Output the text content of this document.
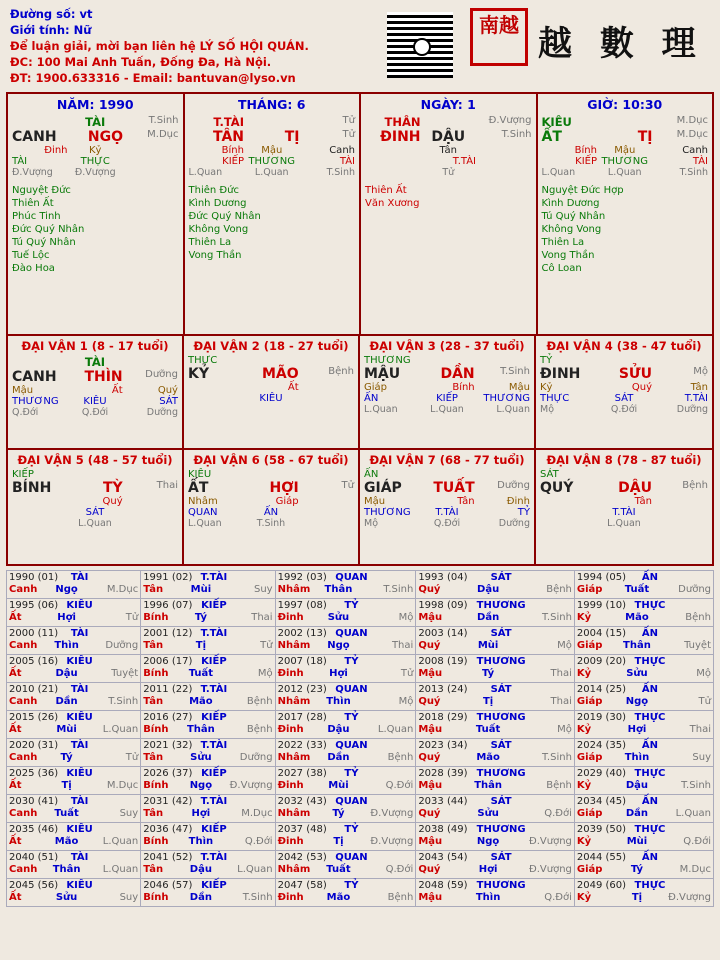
Đường số: vt
Giới tính: Nữ
Để luận giải, mời bạn liên hệ LÝ SỐ HỘI QUÁN.
ĐC: 100 Mai Anh Tuấn, Đống Đa, Hà Nội.
ĐT: 1900.633316 - Email: bantuvan@lyso.vn
南越 越 數 理
NĂM: 1990
TÀI	T.Sinh
CANH	NGỌ	M.Dục
Đinh	Kỷ
TÀI	THỰC
Đ.Vượng	Đ.Vượng
Nguyệt Đức
Thiên Ất
Phúc Tinh
Đức Quý Nhân
Tú Quý Nhân
Tuế Lộc
Đào Hoa
THÁNG: 6
T.TÀI	Tử
TÂN	TỊ	Tử
Bính	Mậu	Canh
KIẾP THƯƠNG	TÀI
L.Quan	L.Quan	T.Sinh
Thiên Đức
Kình Dương
Đức Quý Nhân
Không Vong
Thiên La
Vong Thần
NGÀY: 1
THÂN	Đ.Vượng
ĐINH DẬU	T.Sinh
Tân
T.TÀI
Tử
Thiên Ất
Văn Xương
GIỜ: 10:30
KIÊU	M.Dục
ẤT	TỊ	M.Dục
Bính	Mậu	Canh
KIẾP THƯƠNG	TÀI
L.Quan	L.Quan	T.Sinh
Nguyệt Đức Hợp
Kình Dương
Tú Quý Nhân
Không Vong
Thiên La
Vong Thần
Cô Loan
ĐẠI VẬN 1 (8 - 17 tuổi)
TÀI
CANH	THÌN	Dưỡng
Mậu	Ất	Quý
THƯƠNG	KIÊU	SÁT
Q.Đới	Q.Đới	Dưỡng
ĐẠI VẬN 2 (18 - 27 tuổi)
THỰC
KỶ	MÃO	Bệnh
Ất
KIÊU
ĐẠI VẬN 3 (28 - 37 tuổi)
THƯƠNG
MẬU	DẦN	T.Sinh
Giáp	Bính	Mậu
ẤN	KIẾP	THƯƠNG
L.Quan	L.Quan	L.Quan
ĐẠI VẬN 4 (38 - 47 tuổi)
TỶ
ĐINH	SỬU	Mộ
Kỷ	Quý	Tân
THỰC	SÁT	T.TÀI
Mộ	Q.Đới	Dưỡng
ĐẠI VẬN 5 (48 - 57 tuổi)
KIẾP
BÍNH	TỲ	Thai
Quý
SÁT
L.Quan
ĐẠI VẬN 6 (58 - 67 tuổi)
KIÊU
ẤT	HỢI	Tử
Nhâm	Giáp
QUAN	ẤN
L.Quan	T.Sinh
ĐẠI VẬN 7 (68 - 77 tuổi)
ẤN
GIÁP	TUẤT	Dưỡng
Mậu	Tân	Đinh
THƯƠNG	T.TÀI	TỶ
Mộ	Q.Đới	Dưỡng
ĐẠI VẬN 8 (78 - 87 tuổi)
SÁT
QUÝ	DẬU	Bệnh
Tân
T.TÀI
L.Quan
1990 (01)	TÀI
Canh	Ngọ	M.Dục

1991 (02) T.TÀI
Tân	Mùi	Suy

1992 (03) QUAN
Nhâm	Thân	T.Sinh

1993 (04)	SÁT
Quý	Dậu	Bệnh

1994 (05)	ẤN
Giáp	Tuất	Dưỡng

1995 (06) KIÊU
Ất	Hợi	Tử

1996 (07) KIẾP
Bính	Tý	Thai

1997 (08)	TỶ
Đinh	Sửu	Mộ

1998 (09) THƯƠNG
Mậu	Dần	T.Sinh

1999 (10) THỰC
Kỷ	Mão	Bệnh

2000 (11)	TÀI
Canh	Thìn	Dưỡng

2001 (12) T.TÀI
Tân	Tị	Tử

2002 (13) QUAN
Nhâm	Ngọ	Thai

2003 (14)	SÁT
Quý	Mùi	Mộ

2004 (15)	ẤN
Giáp	Thân	Tuyệt

2005 (16) KIÊU
Ất	Dậu	Tuyệt

2006 (17) KIẾP
Bính	Tuất	Mộ

2007 (18)	TỶ
Đinh	Hợi	Tử

2008 (19) THƯƠNG
Mậu	Tý	Thai

2009 (20) THỰC
Kỷ	Sửu	Mộ

2010 (21)	TÀI
Canh	Dần	T.Sinh

2011 (22) T.TÀI
Tân	Mão	Bệnh

2012 (23) QUAN
Nhâm	Thìn	Mộ

2013 (24)	SÁT
Quý	Tị	Thai

2014 (25)	ẤN
Giáp	Ngọ	Tử

2015 (26) KIÊU
Ất	Mùi	L.Quan

2016 (27) KIẾP
Bính	Thân	Bệnh

2017 (28)	TỶ
Đinh	Dậu	L.Quan

2018 (29) THƯƠNG
Mậu	Tuất	Mộ

2019 (30) THỰC
Kỷ	Hợi	Thai

2020 (31)	TÀI
Canh	Tý	Tử

2021 (32) T.TÀI
Tân	Sửu	Dưỡng

2022 (33) QUAN
Nhâm	Dần	Bệnh

2023 (34)	SÁT
Quý	Mão	T.Sinh

2024 (35)	ẤN
Giáp	Thìn	Suy

2025 (36) KIÊU
Ất	Tị	M.Dục

2026 (37) KIẾP
Bính	Ngọ	Đ.Vượng

2027 (38)	TỶ
Đinh	Mùi	Q.Đới

2028 (39) THƯƠNG
Mậu	Thân	Bệnh

2029 (40) THỰC
Kỷ	Dậu	T.Sinh

2030 (41)	TÀI
Canh	Tuất	Suy

2031 (42) T.TÀI
Tân	Hợi	M.Dục

2032 (43) QUAN
Nhâm	Tý	Đ.Vượng

2033 (44)	SÁT
Quý	Sửu	Q.Đới

2034 (45)	ẤN
Giáp	Dần	L.Quan

2035 (46) KIÊU
Ất	Mão	L.Quan

2036 (47) KIẾP
Bính	Thìn	Q.Đới

2037 (48)	TỶ
Đinh	Tị	Đ.Vượng

2038 (49) THƯƠNG
Mậu	Ngọ	Đ.Vượng

2039 (50) THỰC
Kỷ	Mùi	Q.Đới

2040 (51)	TÀI
Canh	Thân	L.Quan

2041 (52) T.TÀI
Tân	Dậu	L.Quan

2042 (53) QUAN
Nhâm	Tuất	Q.Đới

2043 (54)	SÁT
Quý	Hợi	Đ.Vượng

2044 (55)	ẤN
Giáp	Tý	M.Dục

2045 (56) KIÊU
Ất	Sửu	Suy

2046 (57) KIẾP
Bính	Dần	T.Sinh

2047 (58)	TỶ
Đinh	Mão	Bệnh

2048 (59) THƯƠNG
Mậu	Thìn	Q.Đới

2049 (60) THỰC
Kỷ	Tị	Đ.Vượng
